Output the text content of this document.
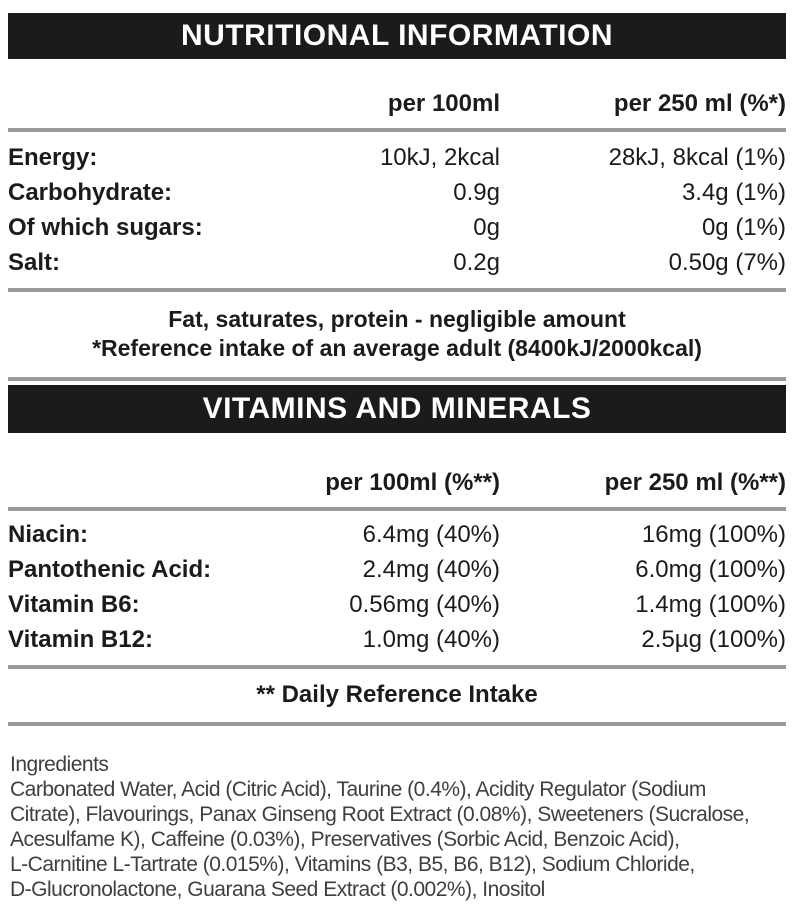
NUTRITIONAL INFORMATION
per 100ml	per 250 ml (%*)
Energy:	10kJ, 2kcal	28kJ, 8kcal (1%)
Carbohydrate:	0.9g	3.4g (1%)
Of which sugars:	0g	0g (1%)
Salt:	0.2g	0.50g (7%)
Fat, saturates, protein - negligible amount
*Reference intake of an average adult (8400kJ/2000kcal)
VITAMINS AND MINERALS
per 100ml (%**)	per 250 ml (%**)
Niacin:	6.4mg (40%)	16mg (100%)
Pantothenic Acid:	2.4mg (40%)	6.0mg (100%)
Vitamin B6:	0.56mg (40%)	1.4mg (100%)
Vitamin B12:	1.0mg (40%)	2.5µg (100%)
** Daily Reference Intake
Ingredients
Carbonated Water, Acid (Citric Acid), Taurine (0.4%), Acidity Regulator (Sodium
Citrate), Flavourings, Panax Ginseng Root Extract (0.08%), Sweeteners (Sucralose,
Acesulfame K), Caffeine (0.03%), Preservatives (Sorbic Acid, Benzoic Acid),
L-Carnitine L-Tartrate (0.015%), Vitamins (B3, B5, B6, B12), Sodium Chloride,
D-Glucronolactone, Guarana Seed Extract (0.002%), Inositol
